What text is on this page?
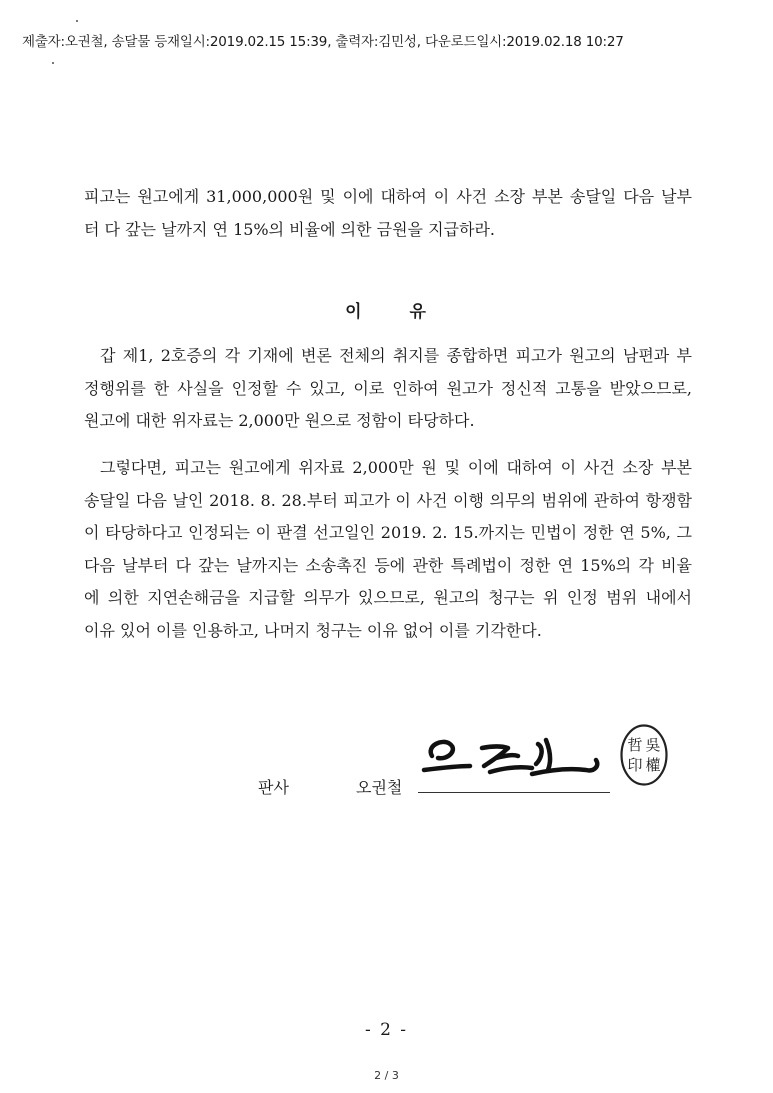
제출자:오권철, 송달물 등재일시:2019.02.15 15:39, 출력자:김민성, 다운로드일시:2019.02.18 10:27

피고는 원고에게 31,000,000원 및 이에 대하여 이 사건 소장 부본 송달일 다음 날부
터 다 갚는 날까지 연 15%의 비율에 의한 금원을 지급하라.

이	유

갑 제1, 2호증의 각 기재에 변론 전체의 취지를 종합하면 피고가 원고의 남편과 부
정행위를 한 사실을 인정할 수 있고, 이로 인하여 원고가 정신적 고통을 받았으므로,
원고에 대한 위자료는 2,000만 원으로 정함이 타당하다.

그렇다면, 피고는 원고에게 위자료 2,000만 원 및 이에 대하여 이 사건 소장 부본
송달일 다음 날인 2018. 8. 28.부터 피고가 이 사건 이행 의무의 범위에 관하여 항쟁함
이 타당하다고 인정되는 이 판결 선고일인 2019. 2. 15.까지는 민법이 정한 연 5%, 그
다음 날부터 다 갚는 날까지는 소송촉진 등에 관한 특례법이 정한 연 15%의 각 비율
에 의한 지연손해금을 지급할 의무가 있으므로, 원고의 청구는 위 인정 범위 내에서
이유 있어 이를 인용하고, 나머지 청구는 이유 없어 이를 기각한다.

판사	오권철
吳
權
哲
印
- 2 -
2 / 3
